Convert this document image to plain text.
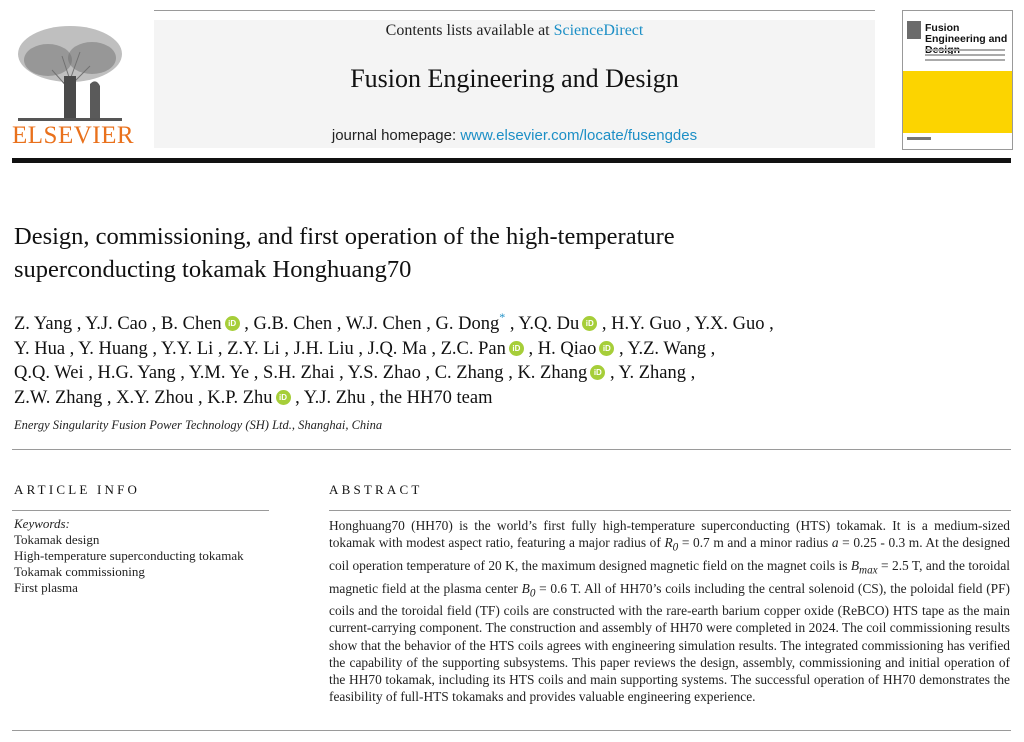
ELSEVIER
Contents lists available at ScienceDirect
Fusion Engineering and Design
journal homepage: www.elsevier.com/locate/fusengdes
Fusion Engineering and
Design, commissioning, and first operation of the high-temperature
superconducting tokamak Honghuang70
Z. Yang , Y.J. Cao , B. Chen iD , G.B. Chen , W.J. Chen , G. Dong* , Y.Q. Du iD , H.Y. Guo , Y.X. Guo ,
Y. Hua , Y. Huang , Y.Y. Li , Z.Y. Li , J.H. Liu , J.Q. Ma , Z.C. Pan iD , H. Qiao iD , Y.Z. Wang ,
Q.Q. Wei , H.G. Yang , Y.M. Ye , S.H. Zhai , Y.S. Zhao , C. Zhang , K. Zhang iD , Y. Zhang ,
Z.W. Zhang , X.Y. Zhou , K.P. Zhu iD , Y.J. Zhu , the HH70 team
Energy Singularity Fusion Power Technology (SH) Ltd., Shanghai, China
ARTICLE INFO
Keywords:
Tokamak design
High-temperature superconducting tokamak
Tokamak commissioning
First plasma
ABSTRACT
Honghuang70 (HH70) is the world’s first fully high-temperature superconducting (HTS) tokamak. It is a medium-sized tokamak with modest aspect ratio, featuring a major radius of $R_0 = 0.7$ m and a minor radius a = 0.25 - 0.3 m. At the designed coil operation temperature of 20 K, the maximum designed magnetic field on the magnet coils is $B_{max} = 2.5$ T, and the toroidal magnetic field at the plasma center $B_0 = 0.6$ T. All of HH70’s coils including the central solenoid (CS), the poloidal field (PF) coils and the toroidal field (TF) coils are constructed with the rare-earth barium copper oxide (ReBCO) HTS tape as the main current-carrying component. The construction and assembly of HH70 were completed in 2024. The coil commissioning results show that the behavior of the HTS coils agrees with engineering simulation results. The integrated commissioning has verified the capability of the supporting subsystems. This paper reviews the design, assembly, commissioning and initial operation of the HH70 tokamak, including its HTS coils and main supporting systems. The successful operation of HH70 demonstrates the feasibility of full-HTS tokamaks and provides valuable engineering experience.
